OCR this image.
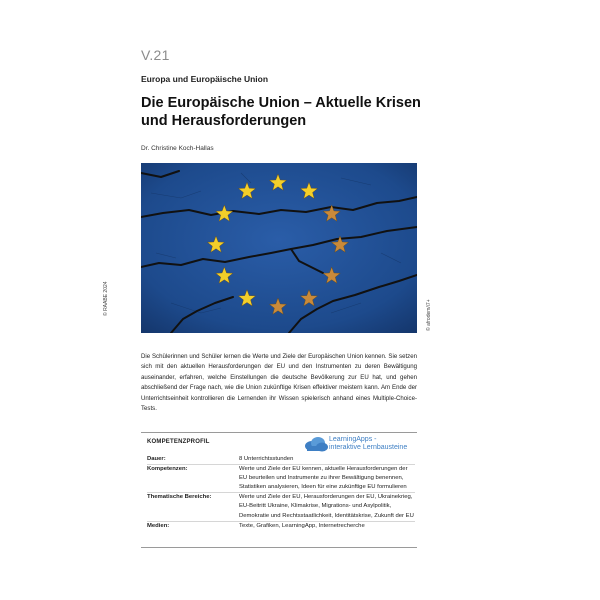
V.21
Europa und Europäische Union
Die Europäische Union – Aktuelle Krisen und Herausforderungen
Dr. Christine Koch-Hallas
© RAABE 2024	© afrodem/i7+
Die Schülerinnen und Schüler lernen die Werte und Ziele der Europäischen Union kennen. Sie setzen sich mit den aktuellen Herausforderungen der EU und den Instrumenten zu deren Bewältigung auseinander, erfahren, welche Einstellungen die deutsche Bevölkerung zur EU hat, und gehen abschließend der Frage nach, wie die Union zukünftige Krisen effektiver meistern kann. Am Ende der Unterrichtseinheit kontrollieren die Lernenden ihr Wissen spielerisch anhand eines Multiple-Choice-Tests.
KOMPETENZPROFIL	LearningApps -
interaktive Lernbausteine
Dauer:	8 Unterrichtsstunden
Kompetenzen:	Werte und Ziele der EU kennen, aktuelle Herausforderungen der EU beurteilen und Instrumente zu ihrer Bewältigung benennen, Statistiken analysieren, Ideen für eine zukünftige EU formulieren
Thematische Bereiche:	Werte und Ziele der EU, Herausforderungen der EU, Ukrainekrieg, EU-Beitritt Ukraine, Klimakrise, Migrations- und Asylpolitik, Demokratie und Rechtsstaatlichkeit, Identitätskrise, Zukunft der EU
Medien:	Texte, Grafiken, LearningApp, Internetrecherche
